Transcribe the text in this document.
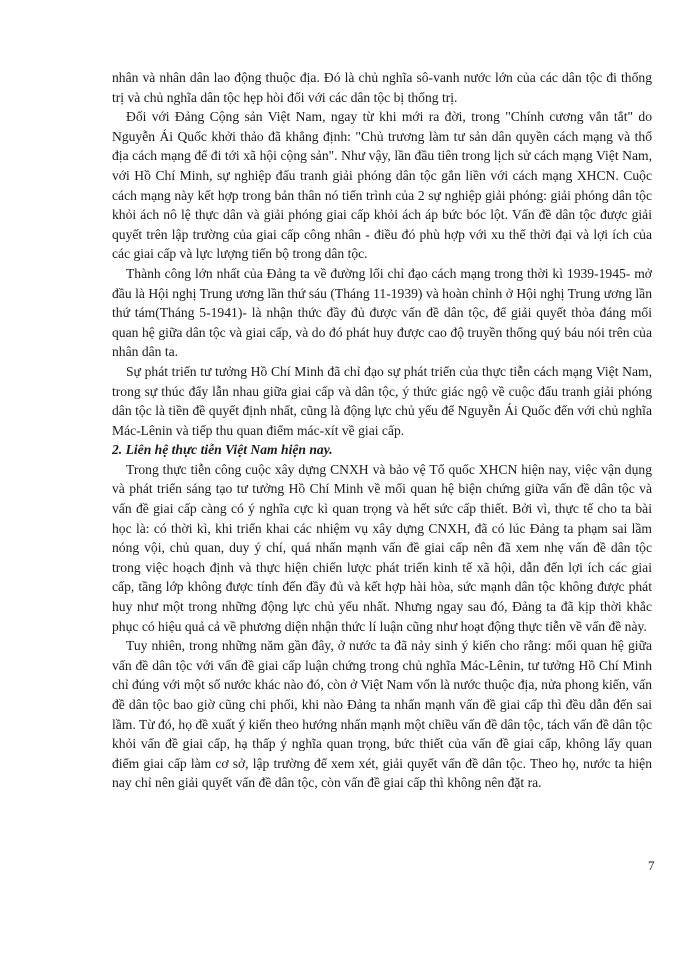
nhân và nhân dân lao động thuộc địa. Đó là chủ nghĩa sô-vanh nước lớn của các dân tộc đi thống trị và chủ nghĩa dân tộc hẹp hòi đối với các dân tộc bị thống trị.

Đối với Đảng Cộng sản Việt Nam, ngay từ khi mới ra đời, trong "Chính cương vắn tắt" do Nguyễn Ái Quốc khởi thảo đã khẳng định: "Chủ trương làm tư sản dân quyền cách mạng và thổ địa cách mạng để đi tới xã hội cộng sản". Như vậy, lần đầu tiên trong lịch sử cách mạng Việt Nam, với Hồ Chí Minh, sự nghiệp đấu tranh giải phóng dân tộc gắn liền với cách mạng XHCN. Cuộc cách mạng này kết hợp trong bản thân nó tiến trình của 2 sự nghiệp giải phóng: giải phóng dân tộc khỏi ách nô lệ thực dân và giải phóng giai cấp khỏi ách áp bức bóc lột. Vấn đề dân tộc được giải quyết trên lập trường của giai cấp công nhân - điều đó phù hợp với xu thế thời đại và lợi ích của các giai cấp và lực lượng tiến bộ trong dân tộc.

Thành công lớn nhất của Đảng ta về đường lối chỉ đạo cách mạng trong thời kì 1939-1945- mở đầu là Hội nghị Trung ương lần thứ sáu (Tháng 11-1939) và hoàn chỉnh ở Hội nghị Trung ương lần thứ tám(Tháng 5-1941)- là nhận thức đầy đủ được vấn đề dân tộc, để giải quyết thỏa đáng mối quan hệ giữa dân tộc và giai cấp, và do đó phát huy được cao độ truyền thống quý báu nói trên của nhân dân ta.

Sự phát triển tư tưởng Hồ Chí Minh đã chỉ đạo sự phát triển của thực tiễn cách mạng Việt Nam, trong sự thúc đẩy lẫn nhau giữa giai cấp và dân tộc, ý thức giác ngộ về cuộc đấu tranh giải phóng dân tộc là tiền đề quyết định nhất, cũng là động lực chủ yếu để Nguyễn Ái Quốc đến với chủ nghĩa Mác-Lênin và tiếp thu quan điểm mác-xít về giai cấp.

2. Liên hệ thực tiễn Việt Nam hiện nay.

Trong thực tiễn công cuộc xây dựng CNXH và bảo vệ Tổ quốc XHCN hiện nay, việc vận dụng và phát triển sáng tạo tư tưởng Hồ Chí Minh về mối quan hệ biện chứng giữa vấn đề dân tộc và vấn đề giai cấp càng có ý nghĩa cực kì quan trọng và hết sức cấp thiết. Bởi vì, thực tế cho ta bài học là: có thời kì, khi triển khai các nhiệm vụ xây dựng CNXH, đã có lúc Đảng ta phạm sai lầm nóng vội, chủ quan, duy ý chí, quá nhấn mạnh vấn đề giai cấp nên đã xem nhẹ vấn đề dân tộc trong việc hoạch định và thực hiện chiến lược phát triển kinh tế xã hội, dẫn đến lợi ích các giai cấp, tầng lớp không được tính đến đầy đủ và kết hợp hài hòa, sức mạnh dân tộc không được phát huy như một trong những động lực chủ yếu nhất. Nhưng ngay sau đó, Đảng ta đã kịp thời khắc phục có hiệu quả cả về phương diện nhận thức lí luận cũng như hoạt động thực tiễn về vấn đề này.

Tuy nhiên, trong những năm gần đây, ở nước ta đã nảy sinh ý kiến cho rằng: mối quan hệ giữa vấn đề dân tộc với vấn đề giai cấp luận chứng trong chủ nghĩa Mác-Lênin, tư tưởng Hồ Chí Minh chỉ đúng với một số nước khác nào đó, còn ở Việt Nam vốn là nước thuộc địa, nửa phong kiến, vấn đề dân tộc bao giờ cũng chi phối, khi nào Đảng ta nhấn mạnh vấn đề giai cấp thì đều dẫn đến sai lầm. Từ đó, họ đề xuất ý kiến theo hướng nhấn mạnh một chiều vấn đề dân tộc, tách vấn đề dân tộc khỏi vấn đề giai cấp, hạ thấp ý nghĩa quan trọng, bức thiết của vấn đề giai cấp, không lấy quan điểm giai cấp làm cơ sở, lập trường để xem xét, giải quyết vấn đề dân tộc. Theo họ, nước ta hiện nay chỉ nên giải quyết vấn đề dân tộc, còn vấn đề giai cấp thì không nên đặt ra.

7
